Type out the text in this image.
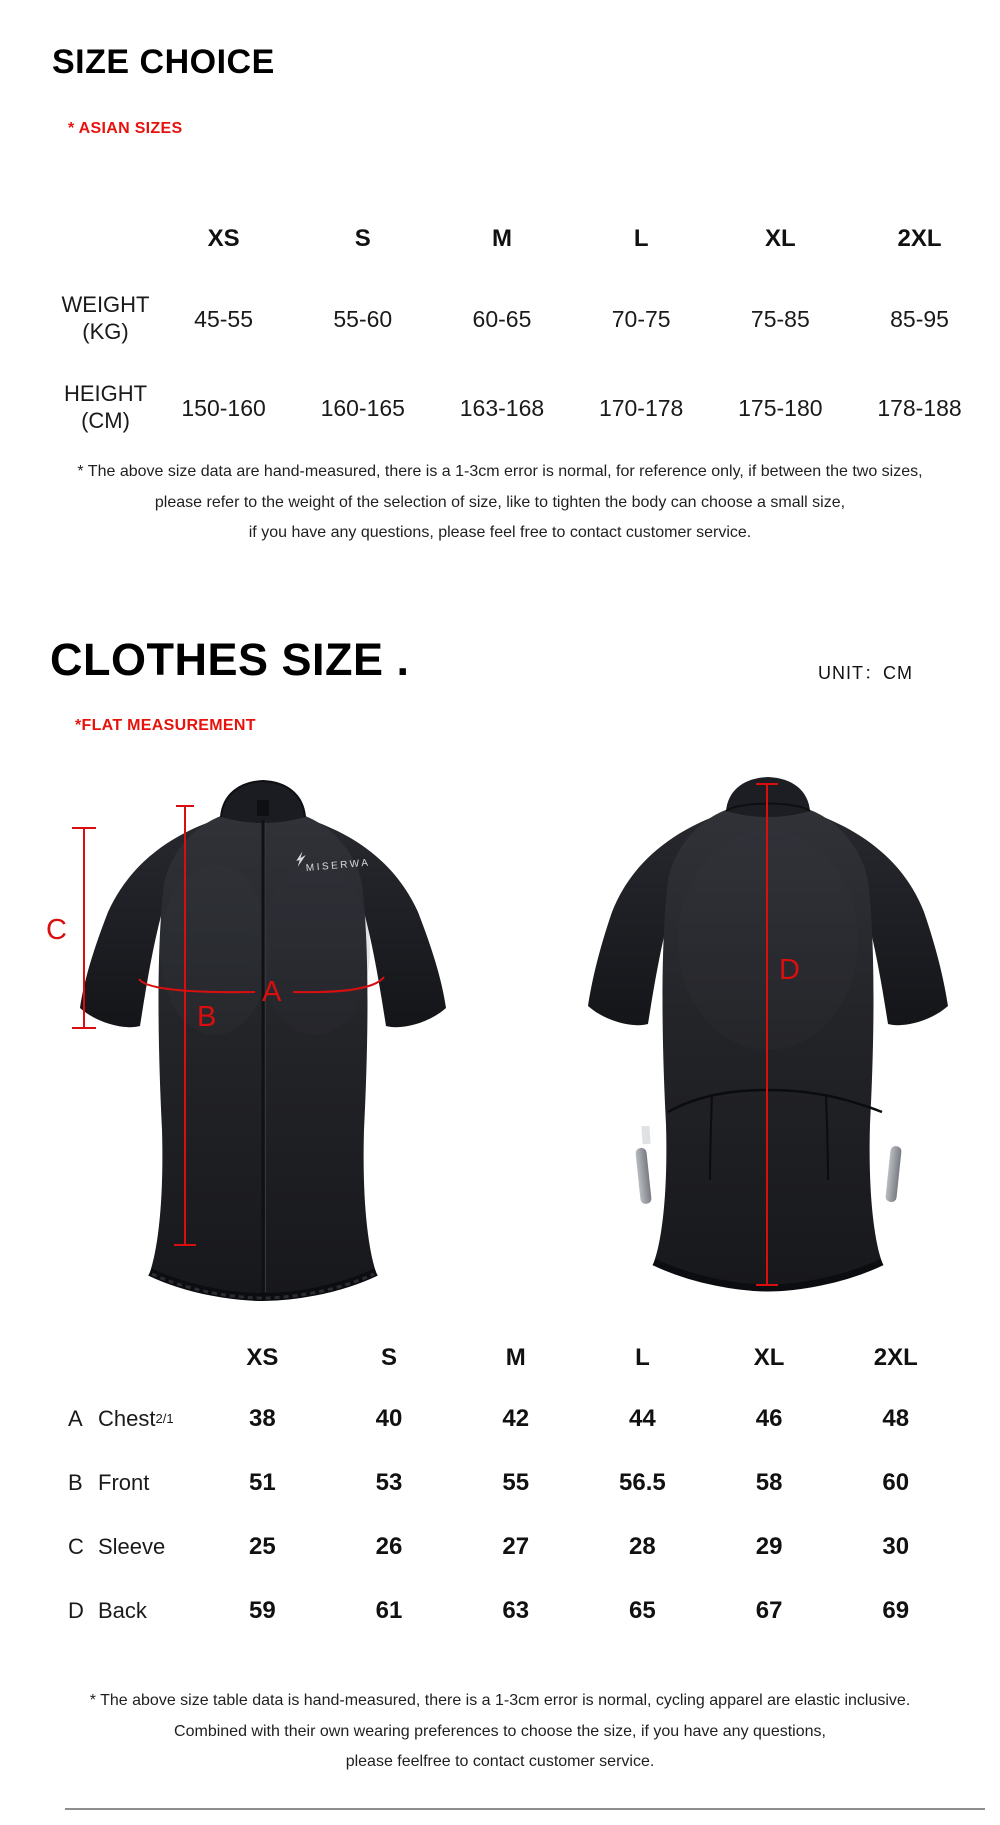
SIZE CHOICE
* ASIAN SIZES
XS	S	M	L	XL	2XL
WEIGHT
(KG)	45-55	55-60	60-65	70-75	75-85	85-95
HEIGHT
(CM)	150-160	160-165	163-168	170-178	175-180	178-188
* The above size data are hand-measured, there is a 1-3cm error is normal, for reference only, if between the two sizes,
please refer to the weight of the selection of size, like to tighten the body can choose a small size,
if you have any questions, please feel free to contact customer service.
CLOTHES SIZE .	UNIT：CM
*FLAT MEASUREMENT
MISERWA
C
B
A
D
XS	S	M	L	XL	2XL
A Chest 2/1	38	40	42	44	46	48
B Front	51	53	55	56.5	58	60
C Sleeve	25	26	27	28	29	30
D Back	59	61	63	65	67	69
* The above size table data is hand-measured, there is a 1-3cm error is normal, cycling apparel are elastic inclusive.
Combined with their own wearing preferences to choose the size, if you have any questions,
please feelfree to contact customer service.
